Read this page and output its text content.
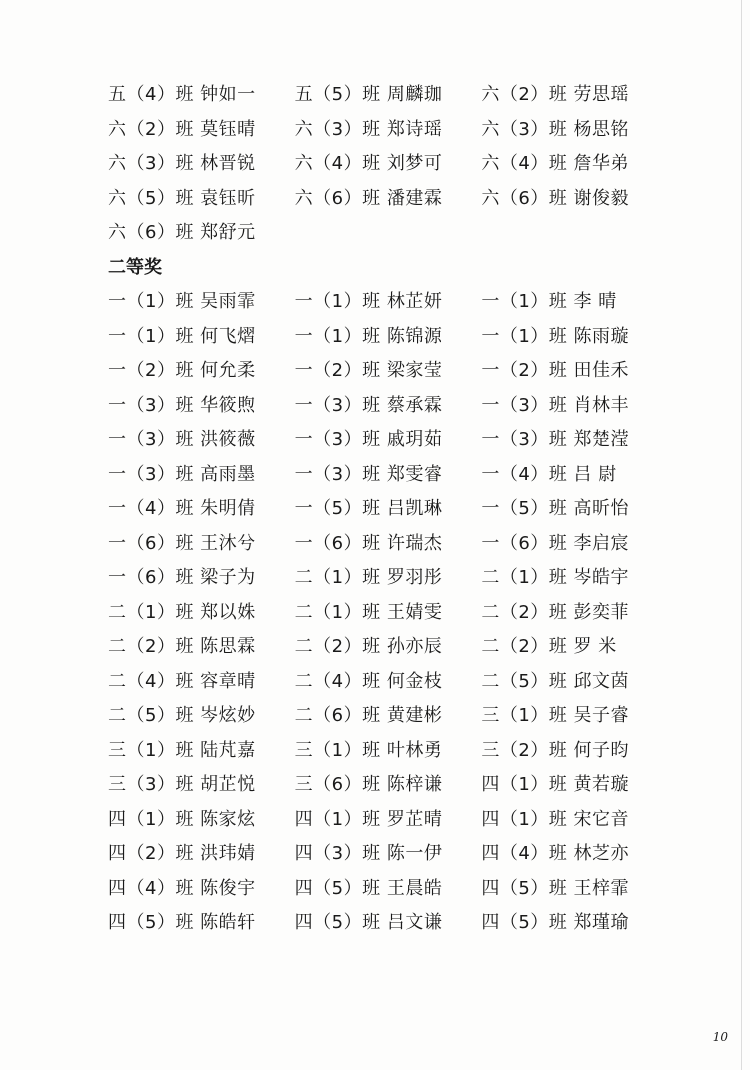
五（4）班 钟如一	五（5）班 周麟珈	六（2）班 劳思瑶
六（2）班 莫钰晴	六（3）班 郑诗瑶	六（3）班 杨思铭
六（3）班 林晋锐	六（4）班 刘梦可	六（4）班 詹华弟
六（5）班 袁钰昕	六（6）班 潘建霖	六（6）班 谢俊毅
六（6）班 郑舒元
二等奖
一（1）班 吴雨霏	一（1）班 林芷妍	一（1）班 李 晴
一（1）班 何飞熠	一（1）班 陈锦源	一（1）班 陈雨璇
一（2）班 何允柔	一（2）班 梁家莹	一（2）班 田佳禾
一（3）班 华筱煦	一（3）班 蔡承霖	一（3）班 肖林丰
一（3）班 洪筱薇	一（3）班 戚玥茹	一（3）班 郑楚滢
一（3）班 高雨墨	一（3）班 郑雯睿	一（4）班 吕 尉
一（4）班 朱明倩	一（5）班 吕凯琳	一（5）班 高昕怡
一（6）班 王沐兮	一（6）班 许瑞杰	一（6）班 李启宸
一（6）班 梁子为	二（1）班 罗羽彤	二（1）班 岑皓宇
二（1）班 郑以姝	二（1）班 王婧雯	二（2）班 彭奕菲
二（2）班 陈思霖	二（2）班 孙亦辰	二（2）班 罗 米
二（4）班 容章晴	二（4）班 何金枝	二（5）班 邱文茵
二（5）班 岑炫妙	二（6）班 黄建彬	三（1）班 吴子睿
三（1）班 陆芃嘉	三（1）班 叶林勇	三（2）班 何子昀
三（3）班 胡芷悦	三（6）班 陈梓谦	四（1）班 黄若璇
四（1）班 陈家炫	四（1）班 罗芷晴	四（1）班 宋它音
四（2）班 洪玮婧	四（3）班 陈一伊	四（4）班 林芝亦
四（4）班 陈俊宇	四（5）班 王晨皓	四（5）班 王梓霏
四（5）班 陈皓轩	四（5）班 吕文谦	四（5）班 郑瑾瑜
10
